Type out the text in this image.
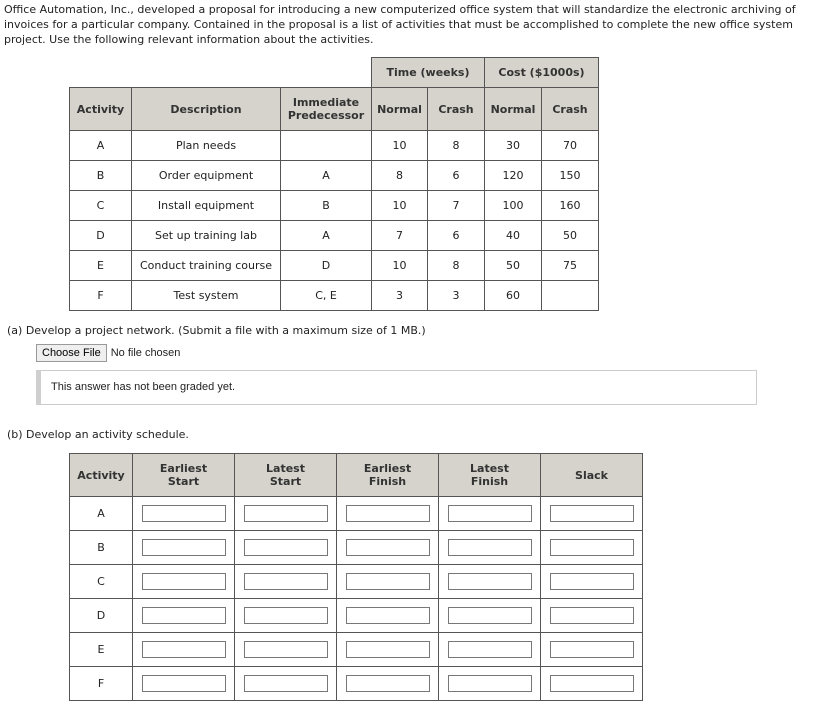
Office Automation, Inc., developed a proposal for introducing a new computerized office system that will standardize the electronic archiving of invoices for a particular company. Contained in the proposal is a list of activities that must be accomplished to complete the new office system project. Use the following relevant information about the activities.
			Time (weeks)		Cost ($1000s)	
Activity	Description	Immediate Predecessor	Normal	Crash	Normal	Crash
A	Plan needs		10	8	30	70
B	Order equipment	A	8	6	120	150
C	Install equipment	B	10	7	100	160
D	Set up training lab	A	7	6	40	50
E	Conduct training course	D	10	8	50	75
F	Test system	C, E	3	3	60	
(a) Develop a project network. (Submit a file with a maximum size of 1 MB.)
Choose File No file chosen
This answer has not been graded yet.
(b) Develop an activity schedule.
Activity	Earliest Start	Latest Start	Earliest Finish	Latest Finish	Slack
A					
B					
C					
D					
E					
F					
